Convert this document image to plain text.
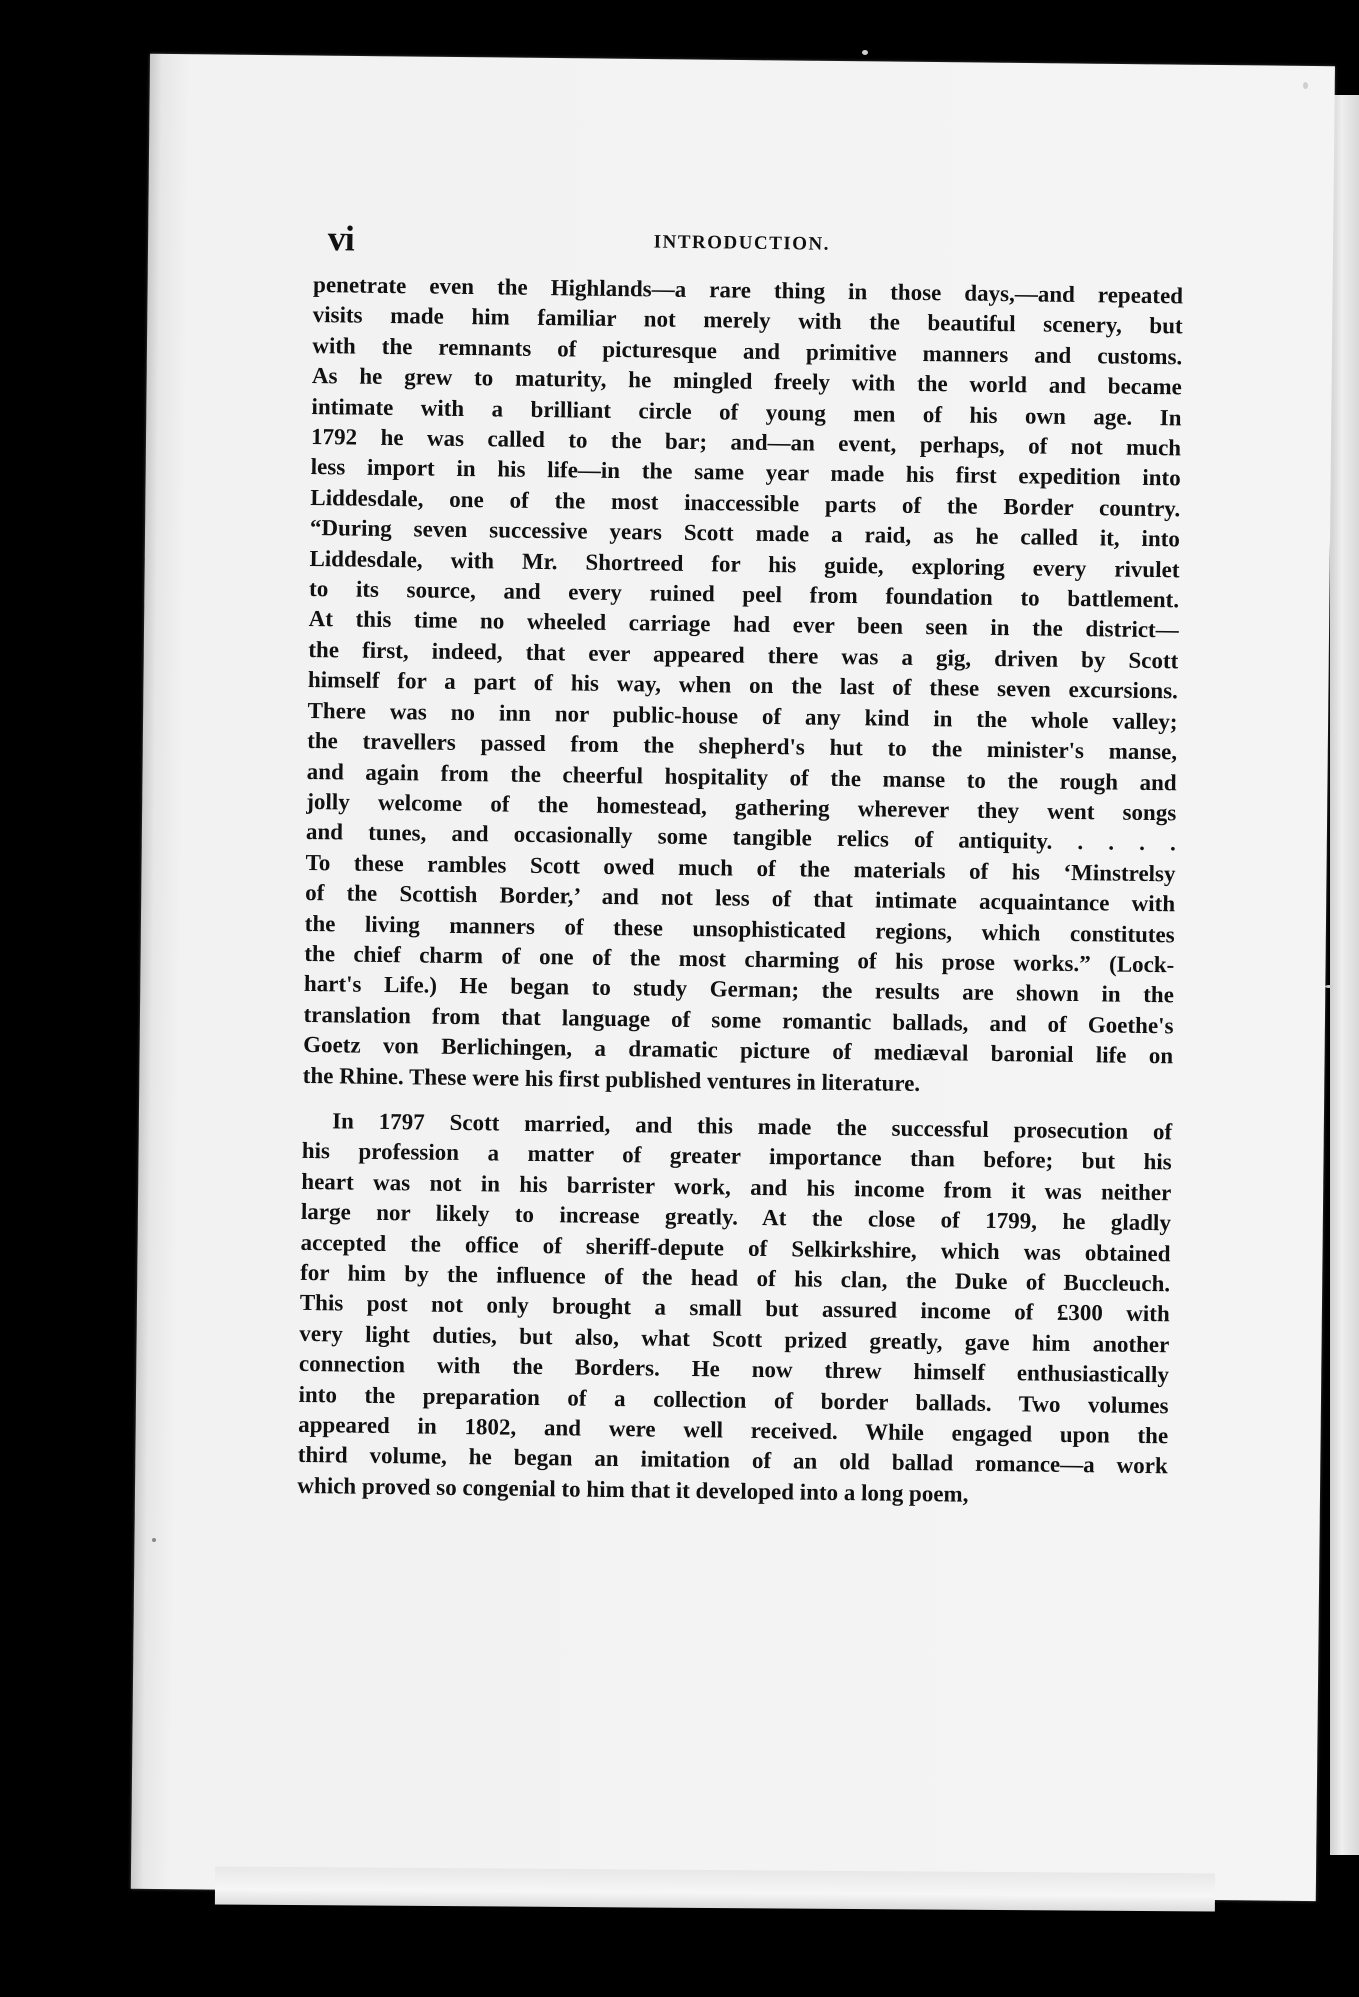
vi	INTRODUCTION.
penetrate even the Highlands—a rare thing in those days,—and repeated
visits made him familiar not merely with the beautiful scenery, but
with the remnants of picturesque and primitive manners and customs.
As he grew to maturity, he mingled freely with the world and became
intimate with a brilliant circle of young men of his own age. In
1792 he was called to the bar; and—an event, perhaps, of not much
less import in his life—in the same year made his first expedition into
Liddesdale, one of the most inaccessible parts of the Border country.
“During seven successive years Scott made a raid, as he called it, into
Liddesdale, with Mr. Shortreed for his guide, exploring every rivulet
to its source, and every ruined peel from foundation to battlement.
At this time no wheeled carriage had ever been seen in the district—
the first, indeed, that ever appeared there was a gig, driven by Scott
himself for a part of his way, when on the last of these seven excursions.
There was no inn nor public-house of any kind in the whole valley;
the travellers passed from the shepherd's hut to the minister's manse,
and again from the cheerful hospitality of the manse to the rough and
jolly welcome of the homestead, gathering wherever they went songs
and tunes, and occasionally some tangible relics of antiquity. . . . .
To these rambles Scott owed much of the materials of his ‘Minstrelsy
of the Scottish Border,’ and not less of that intimate acquaintance with
the living manners of these unsophisticated regions, which constitutes
the chief charm of one of the most charming of his prose works.” (Lock-
hart's Life.) He began to study German; the results are shown in the
translation from that language of some romantic ballads, and of Goethe's
Goetz von Berlichingen, a dramatic picture of mediæval baronial life on
the Rhine. These were his first published ventures in literature.
In 1797 Scott married, and this made the successful prosecution of
his profession a matter of greater importance than before; but his
heart was not in his barrister work, and his income from it was neither
large nor likely to increase greatly. At the close of 1799, he gladly
accepted the office of sheriff-depute of Selkirkshire, which was obtained
for him by the influence of the head of his clan, the Duke of Buccleuch.
This post not only brought a small but assured income of £300 with
very light duties, but also, what Scott prized greatly, gave him another
connection with the Borders. He now threw himself enthusiastically
into the preparation of a collection of border ballads. Two volumes
appeared in 1802, and were well received. While engaged upon the
third volume, he began an imitation of an old ballad romance—a work
which proved so congenial to him that it developed into a long poem,
